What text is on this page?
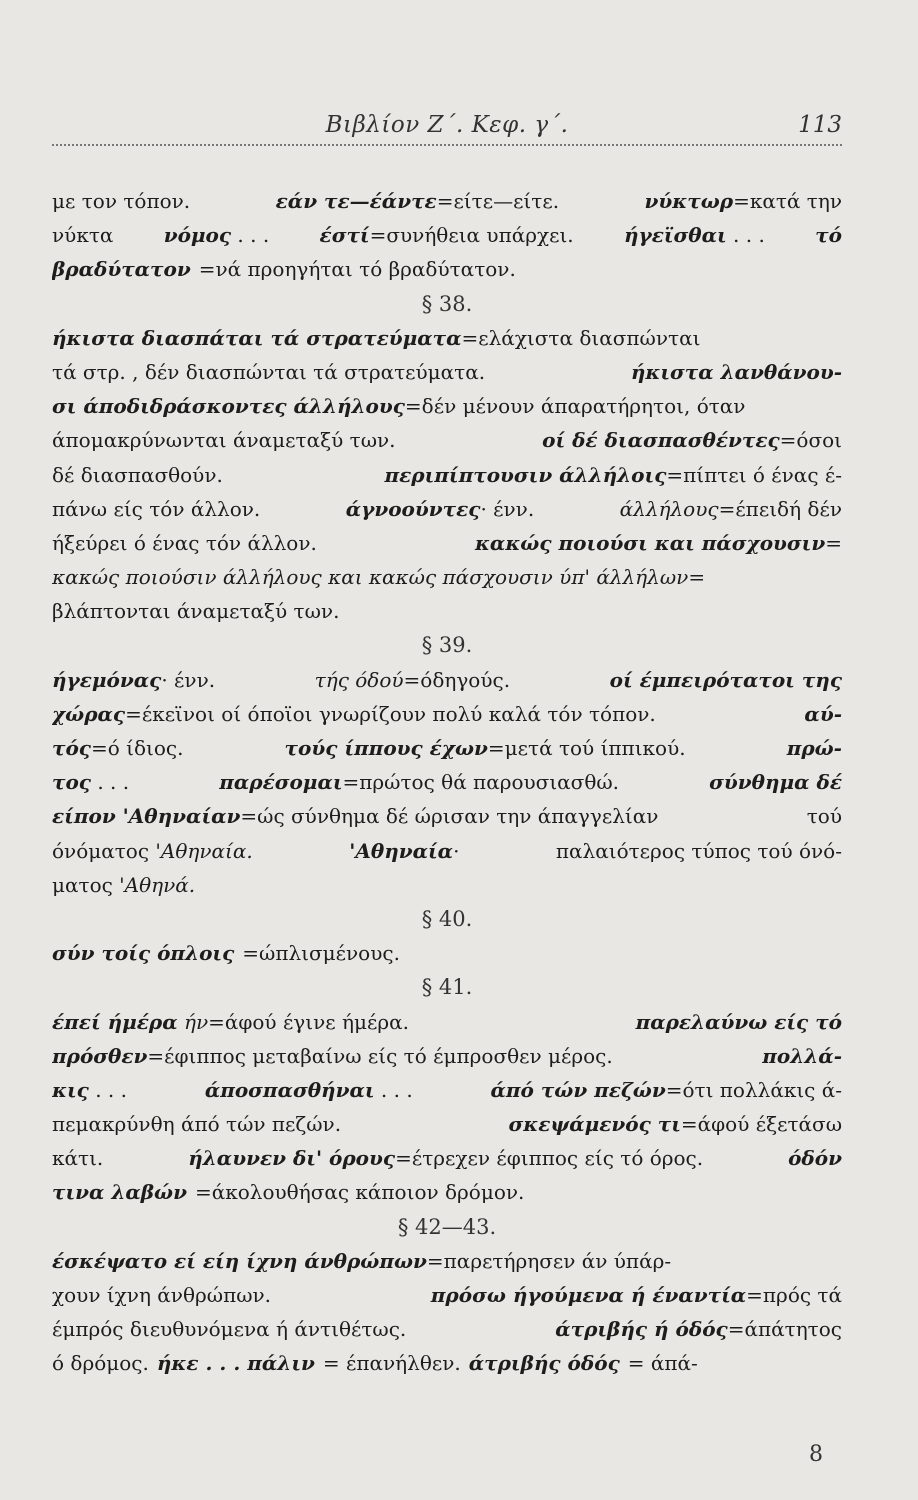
Βιβλίον Ζ΄. Κεφ. γ΄.	113
με τον τόπον.	εάν τε—έάντε=είτε—είτε.	νύκτωρ=κατά την
νύκτα	νόμος . . .	έστί=συνήθεια υπάρχει.	ήγεϊσθαι . . .	τό
βραδύτατον =νά προηγήται τό βραδύτατον.
§ 38.
ήκιστα διασπάται τά στρατεύματα=ελάχιστα διασπώνται
τά στρ. , δέν διασπώνται τά στρατεύματα.	ήκιστα λανθάνου-
σι άποδιδράσκοντες άλλήλους=δέν μένουν άπαρατήρητοι, όταν
άπομακρύνωνται άναμεταξύ των.	οί δέ διασπασθέντες=όσοι
δέ διασπασθούν.	περιπίπτουσιν άλλήλοις=πίπτει ό ένας έ-
πάνω είς τόν άλλον.	άγνοούντες· ένν.	άλλήλους=έπειδή δέν
ήξεύρει ό ένας τόν άλλον.	κακώς ποιούσι και πάσχουσιν=
κακώς ποιούσιν άλλήλους και κακώς πάσχουσιν ύπ' άλλήλων=
βλάπτονται άναμεταξύ των.
§ 39.
ήγεμόνας· ένν.	τής όδού=όδηγούς.	οί έμπειρότατοι της
χώρας=έκεϊνοι οί όποϊοι γνωρίζουν πολύ καλά τόν τόπον.	αύ-
τός=ό ίδιος.	τούς ίππους έχων=μετά τού ίππικού.	πρώ-
τος . . .	παρέσομαι=πρώτος θά παρουσιασθώ.	σύνθημα δέ
είπον 'Αθηναίαν=ώς σύνθημα δέ ώρισαν την άπαγγελίαν	τού
όνόματος 'Αθηναία.	'Αθηναία·	παλαιότερος τύπος τού όνό-
ματος 'Αθηνά.
§ 40.
σύν τοίς όπλοις =ώπλισμένους.
§ 41.
έπεί ήμέρα ήν=άφού έγινε ήμέρα.	παρελαύνω είς τό
πρόσθεν=έφιππος μεταβαίνω είς τό έμπροσθεν μέρος.	πολλά-
κις . . .	άποσπασθήναι . . .	άπό τών πεζών=ότι πολλάκις ά-
πεμακρύνθη άπό τών πεζών.	σκεψάμενός τι=άφού έξετάσω
κάτι.	ήλαυνεν δι' όρους=έτρεχεν έφιππος είς τό όρος.	όδόν
τινα λαβών =άκολουθήσας κάποιον δρόμον.
§ 42—43.
έσκέψατο εί είη ίχνη άνθρώπων=παρετήρησεν άν ύπάρ-
χουν ίχνη άνθρώπων.	πρόσω ήγούμενα ή έναντία=πρός τά
έμπρός διευθυνόμενα ή άντιθέτως.	άτριβής ή όδός=άπάτητος
ό δρόμος. ήκε . . . πάλιν = έπανήλθεν. άτριβής όδός = άπά-
8
